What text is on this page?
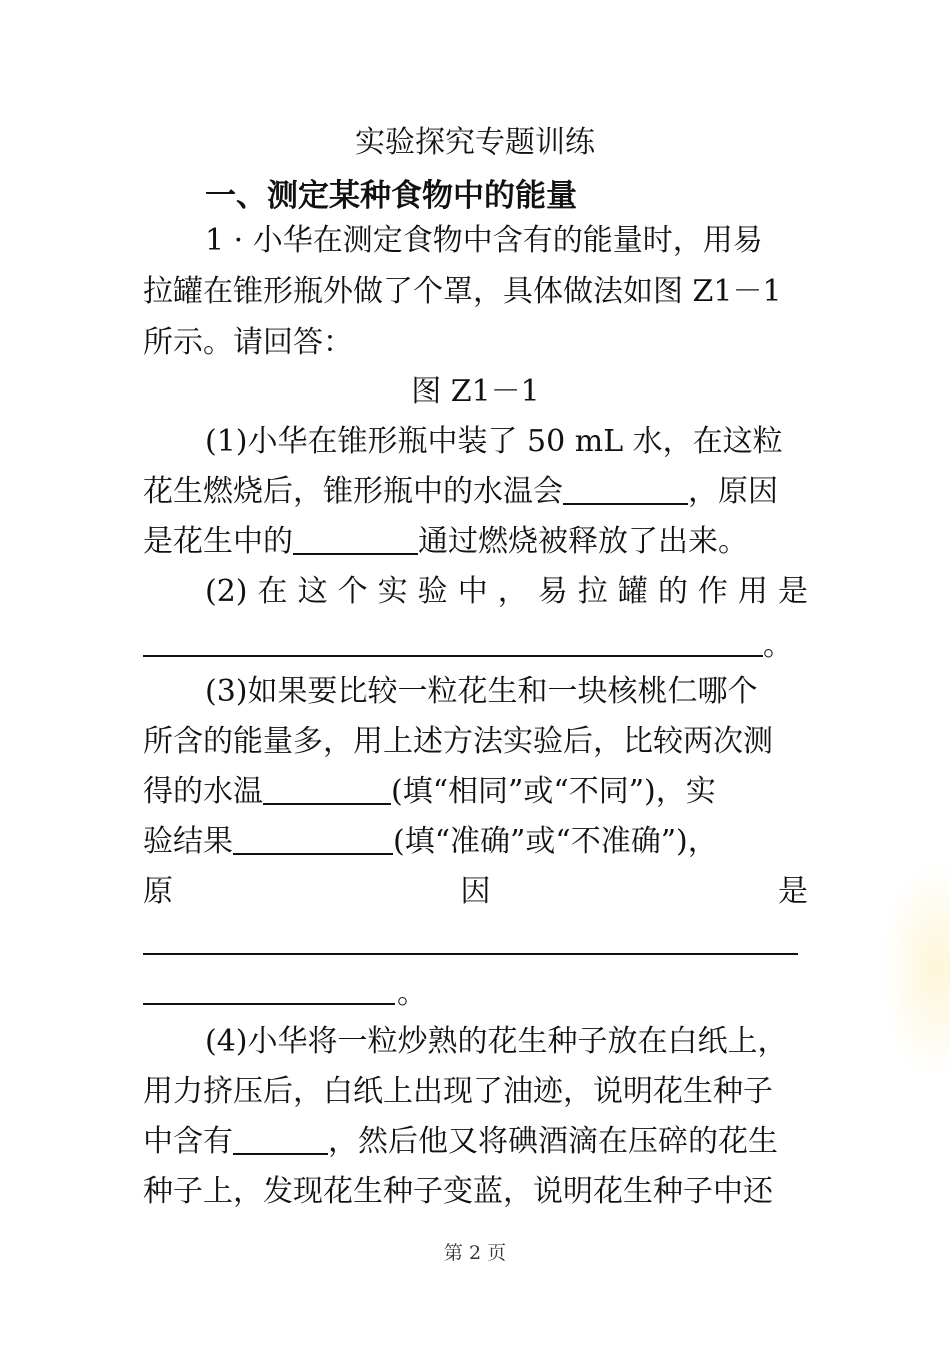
实验探究专题训练
一、测定某种食物中的能量
1 · 小华在测定食物中含有的能量时，用易
拉罐在锥形瓶外做了个罩，具体做法如图 Z1－1
所示。请回答：
图 Z1－1
(1)小华在锥形瓶中装了 50 mL 水，在这粒
花生燃烧后，锥形瓶中的水温会	，原因
是花生中的	通过燃烧被释放了出来。
(2) 在 这 个 实 验 中 ， 易 拉 罐 的 作 用 是
。
(3)如果要比较一粒花生和一块核桃仁哪个
所含的能量多，用上述方法实验后，比较两次测
得的水温	(填“相同”或“不同”)，实
验结果	(填“准确”或“不准确”)，
原	因	是
。
(4)小华将一粒炒熟的花生种子放在白纸上，
用力挤压后，白纸上出现了油迹，说明花生种子
中含有	，然后他又将碘酒滴在压碎的花生
种子上，发现花生种子变蓝，说明花生种子中还
第 2 页
